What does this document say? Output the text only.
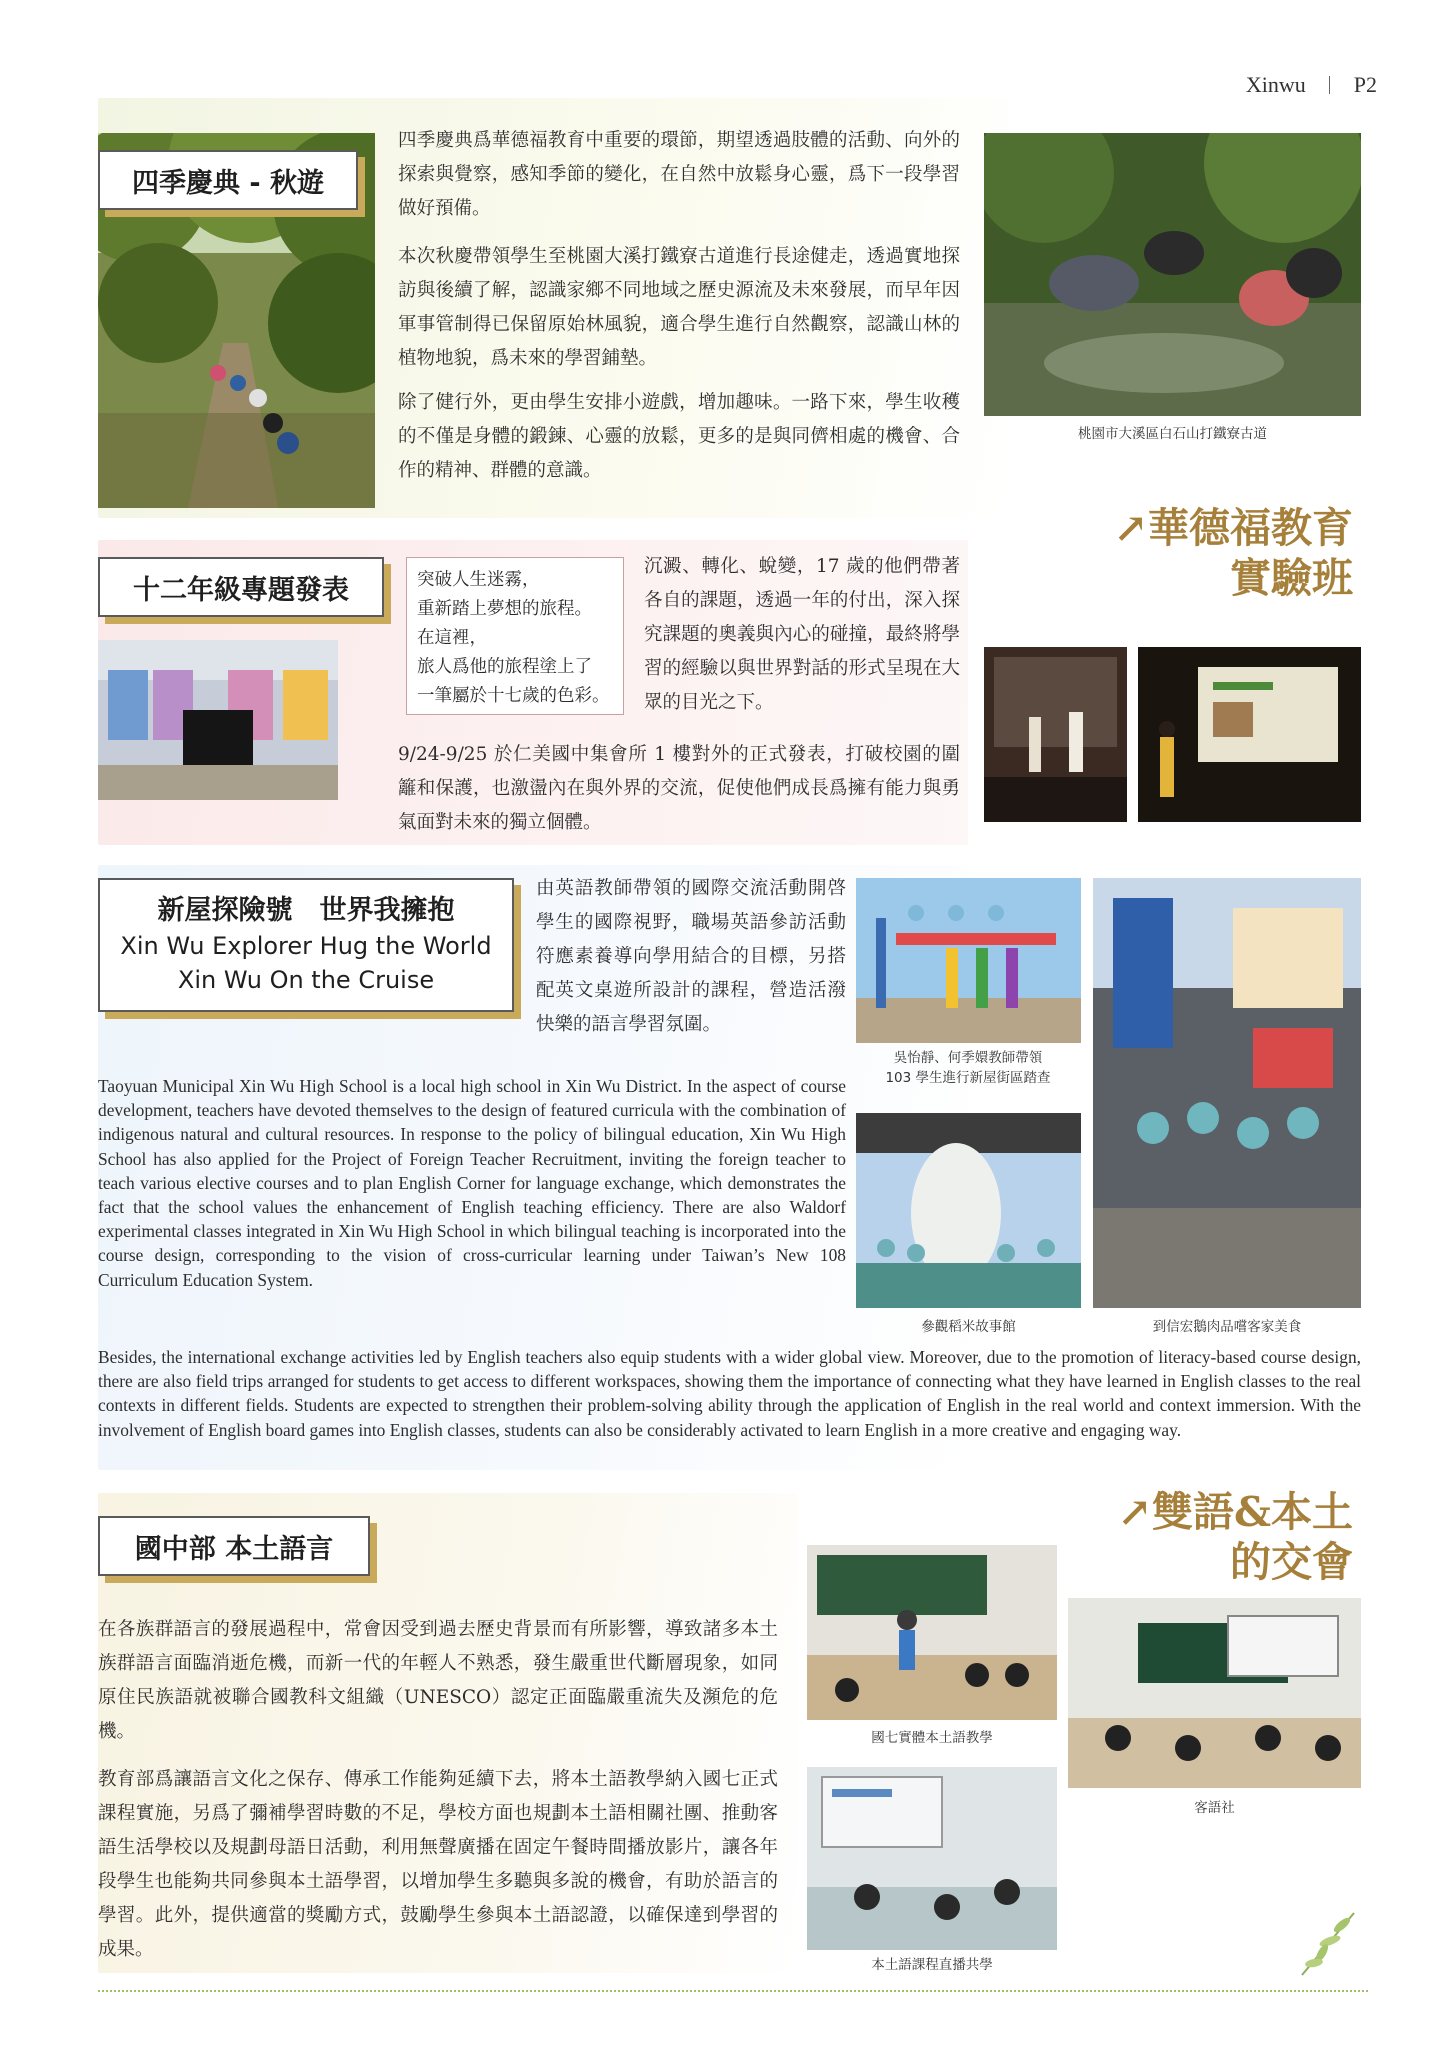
Xinwu P2
四季慶典 - 秋遊

四季慶典爲華德福教育中重要的環節，期望透過肢體的活動、向外的探索與覺察，感知季節的變化，在自然中放鬆身心靈，爲下一段學習做好預備。

本次秋慶帶領學生至桃園大溪打鐵寮古道進行長途健走，透過實地探訪與後續了解，認識家鄉不同地域之歷史源流及未來發展，而早年因軍事管制得已保留原始林風貌，適合學生進行自然觀察，認識山林的植物地貌，爲未來的學習鋪墊。

除了健行外，更由學生安排小遊戲，增加趣味。一路下來，學生收穫的不僅是身體的鍛鍊、心靈的放鬆，更多的是與同儕相處的機會、合作的精神、群體的意識。

桃園市大溪區白石山打鐵寮古道
↗華德福教育
實驗班
十二年級專題發表	突破人生迷霧，
重新踏上夢想的旅程。
在這裡，
旅人爲他的旅程塗上了
一筆屬於十七歲的色彩。

沉澱、轉化、蛻變，17 歲的他們帶著各自的課題，透過一年的付出，深入探究課題的奧義與內心的碰撞，最終將學習的經驗以與世界對話的形式呈現在大眾的目光之下。

9/24-9/25 於仁美國中集會所 1 樓對外的正式發表，打破校園的圍籬和保護，也激盪內在與外界的交流，促使他們成長爲擁有能力與勇氣面對未來的獨立個體。

新屋探險號　世界我擁抱
Xin Wu Explorer Hug the World
Xin Wu On the Cruise

由英語教師帶領的國際交流活動開啓學生的國際視野，職場英語參訪活動符應素養導向學用結合的目標，另搭配英文桌遊所設計的課程，營造活潑快樂的語言學習氛圍。

Taoyuan Municipal Xin Wu High School is a local high school in Xin Wu District. In the aspect of course development, teachers have devoted themselves to the design of featured curricula with the combination of indigenous natural and cultural resources. In response to the policy of bilingual education, Xin Wu High School has also applied for the Project of Foreign Teacher Recruitment, inviting the foreign teacher to teach various elective courses and to plan English Corner for language exchange, which demonstrates the fact that the school values the enhancement of English teaching efficiency. There are also Waldorf experimental classes integrated in Xin Wu High School in which bilingual teaching is incorporated into the course design, corresponding to the vision of cross-curricular learning under Taiwan’s New 108 Curriculum Education System.

吳怡靜、何季嬛教師帶領
103 學生進行新屋街區踏查
參觀稻米故事館	到信宏鵝肉品嚐客家美食

Besides, the international exchange activities led by English teachers also equip students with a wider global view. Moreover, due to the promotion of literacy-based course design, there are also field trips arranged for students to get access to different workspaces, showing them the importance of connecting what they have learned in English classes to the real contexts in different fields. Students are expected to strengthen their problem-solving ability through the application of English in the real world and context immersion. With the involvement of English board games into English classes, students can also be considerably activated to learn English in a more creative and engaging way.

↗雙語&本土
的交會
國中部 本土語言

在各族群語言的發展過程中，常會因受到過去歷史背景而有所影響，導致諸多本土族群語言面臨消逝危機，而新一代的年輕人不熟悉，發生嚴重世代斷層現象，如同原住民族語就被聯合國教科文組織（UNESCO）認定正面臨嚴重流失及瀕危的危機。

教育部爲讓語言文化之保存、傳承工作能夠延續下去，將本土語教學納入國七正式課程實施，另爲了彌補學習時數的不足，學校方面也規劃本土語相關社團、推動客語生活學校以及規劃母語日活動，利用無聲廣播在固定午餐時間播放影片，讓各年段學生也能夠共同參與本土語學習，以增加學生多聽與多說的機會，有助於語言的學習。此外，提供適當的獎勵方式，鼓勵學生參與本土語認證，以確保達到學習的成果。

國七實體本土語教學
本土語課程直播共學
客語社
